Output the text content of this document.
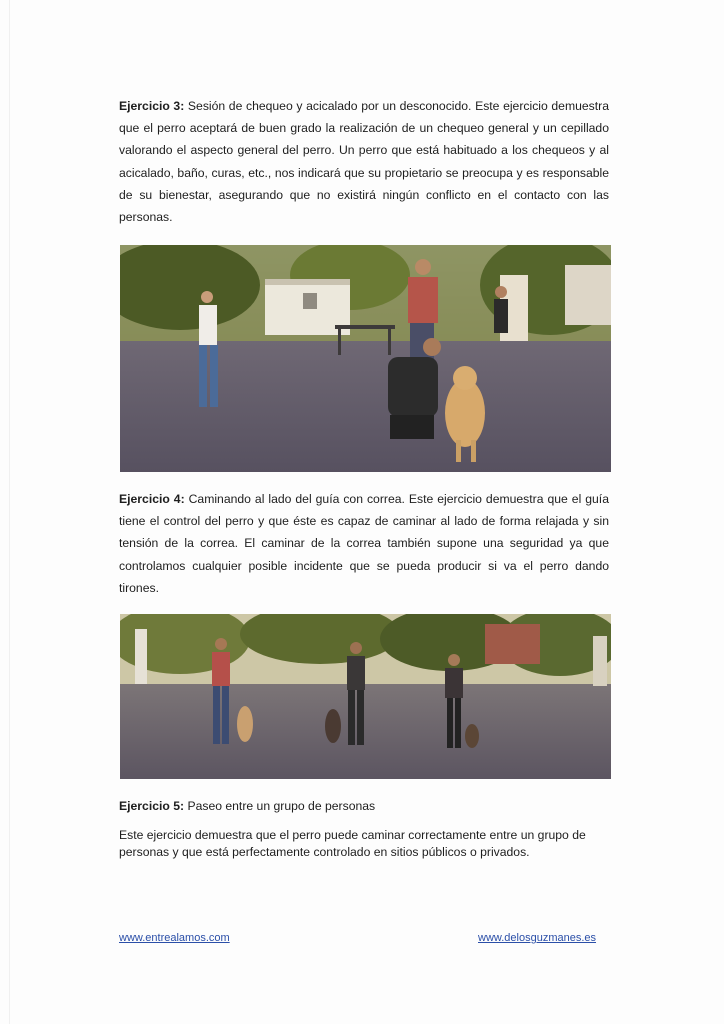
Ejercicio 3: Sesión de chequeo y acicalado por un desconocido. Este ejercicio demuestra que el perro aceptará de buen grado la realización de un chequeo general y un cepillado valorando el aspecto general del perro. Un perro que está habituado a los chequeos y al acicalado, baño, curas, etc., nos indicará que su propietario se preocupa y es responsable de su bienestar, asegurando que no existirá ningún conflicto en el contacto con las personas.

Ejercicio 4: Caminando al lado del guía con correa. Este ejercicio demuestra que el guía tiene el control del perro y que éste es capaz de caminar al lado de forma relajada y sin tensión de la correa. El caminar de la correa también supone una seguridad ya que controlamos cualquier posible incidente que se pueda producir si va el perro dando tirones.

Ejercicio 5: Paseo entre un grupo de personas

Este ejercicio demuestra que el perro puede caminar correctamente entre un grupo de personas y que está perfectamente controlado en sitios públicos o privados.

www.entrealamos.com	www.delosguzmanes.es
